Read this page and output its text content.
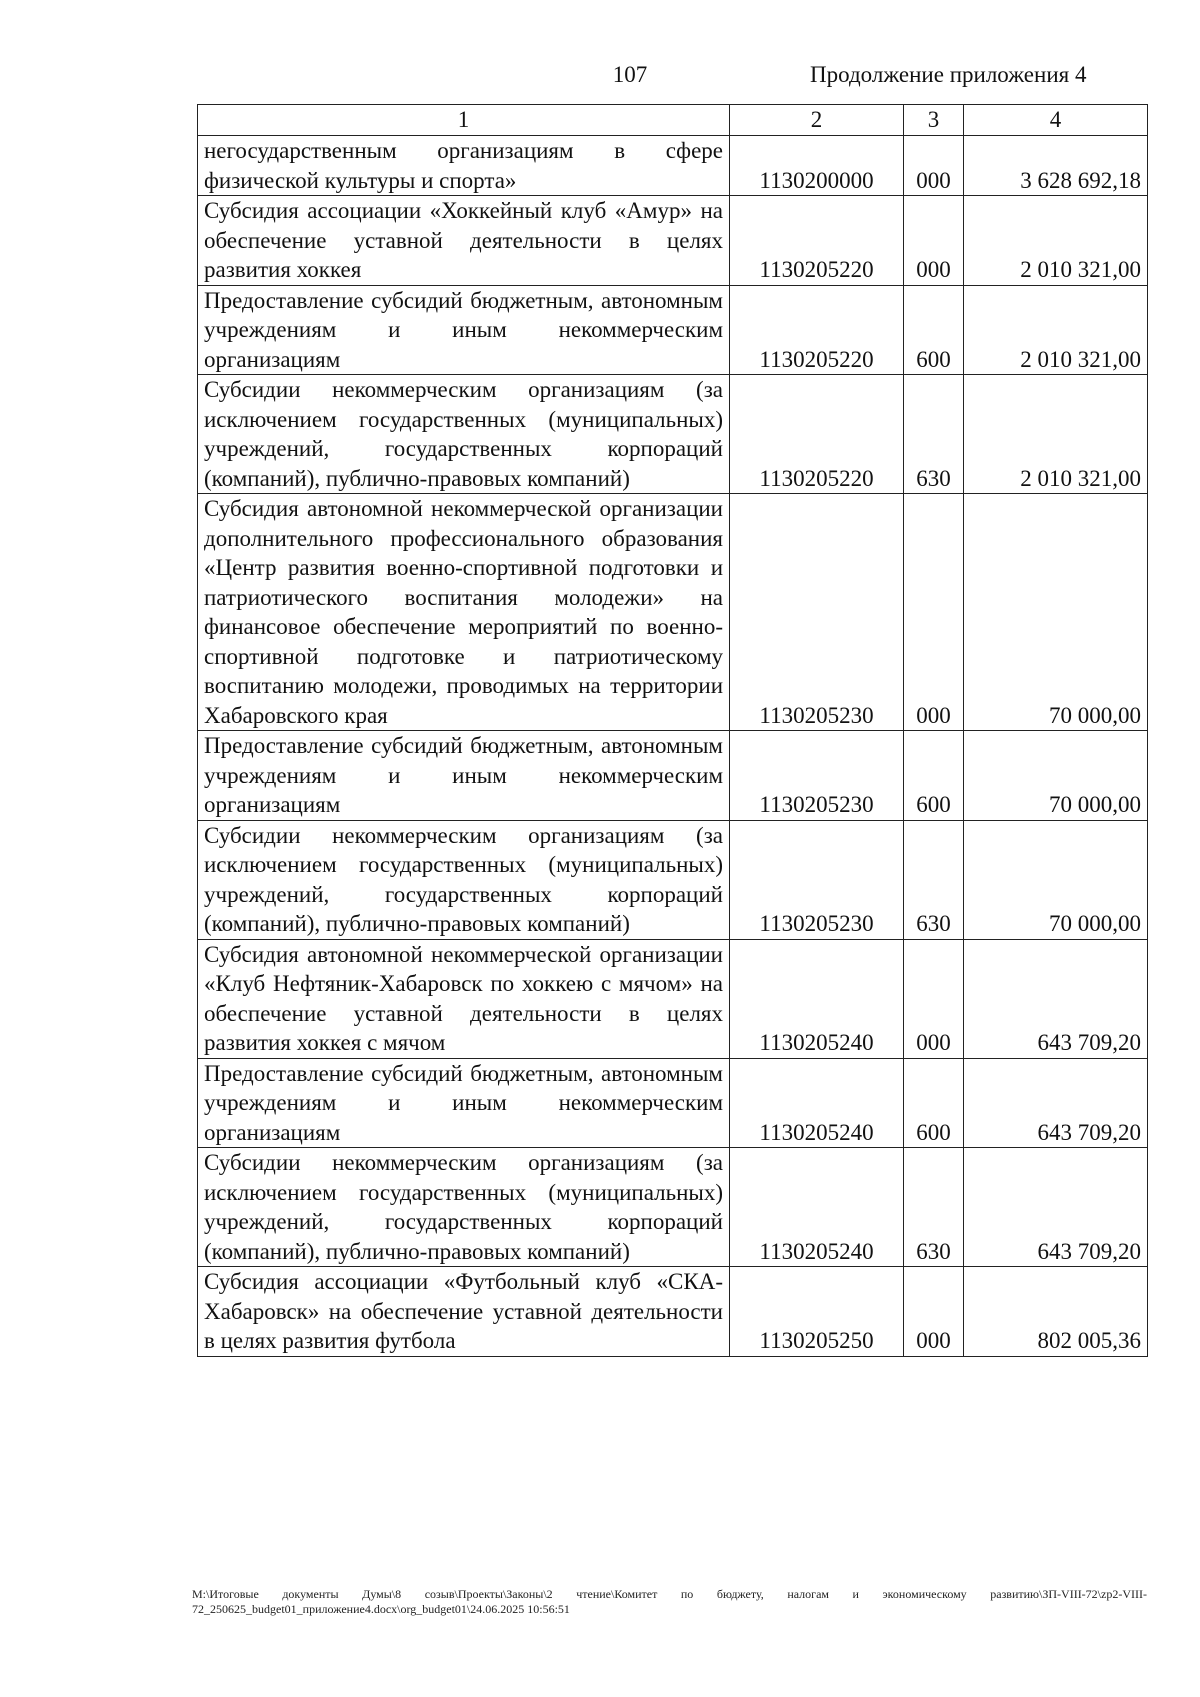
107	Продолжение приложения 4
1	2	3	4
негосударственным организациям в сфере физической культуры и спорта»	1130200000	000	3 628 692,18
Субсидия ассоциации «Хоккейный клуб «Амур» на обеспечение уставной деятельности в целях развития хоккея	1130205220	000	2 010 321,00
Предоставление субсидий бюджетным, автономным учреждениям и иным некоммерческим организациям	1130205220	600	2 010 321,00
Субсидии некоммерческим организациям (за исключением государственных (муниципальных) учреждений, государственных корпораций (компаний), публично-правовых компаний)	1130205220	630	2 010 321,00
Субсидия автономной некоммерческой организации дополнительного профессионального образования «Центр развития военно-спортивной подготовки и патриотического воспитания молодежи» на финансовое обеспечение мероприятий по военно-спортивной подготовке и патриотическому воспитанию молодежи, проводимых на территории Хабаровского края	1130205230	000	70 000,00
Предоставление субсидий бюджетным, автономным учреждениям и иным некоммерческим организациям	1130205230	600	70 000,00
Субсидии некоммерческим организациям (за исключением государственных (муниципальных) учреждений, государственных корпораций (компаний), публично-правовых компаний)	1130205230	630	70 000,00
Субсидия автономной некоммерческой организации «Клуб Нефтяник-Хабаровск по хоккею с мячом» на обеспечение уставной деятельности в целях развития хоккея с мячом	1130205240	000	643 709,20
Предоставление субсидий бюджетным, автономным учреждениям и иным некоммерческим организациям	1130205240	600	643 709,20
Субсидии некоммерческим организациям (за исключением государственных (муниципальных) учреждений, государственных корпораций (компаний), публично-правовых компаний)	1130205240	630	643 709,20
Субсидия ассоциации «Футбольный клуб «СКА-Хабаровск» на обеспечение уставной деятельности в целях развития футбола	1130205250	000	802 005,36
M:\Итоговые документы Думы\8 созыв\Проекты\Законы\2 чтение\Комитет по бюджету, налогам и экономическому развитию\ЗП-VIII-72\zp2-VIII-72_250625_budget01_приложение4.docx\org_budget01\24.06.2025 10:56:51
